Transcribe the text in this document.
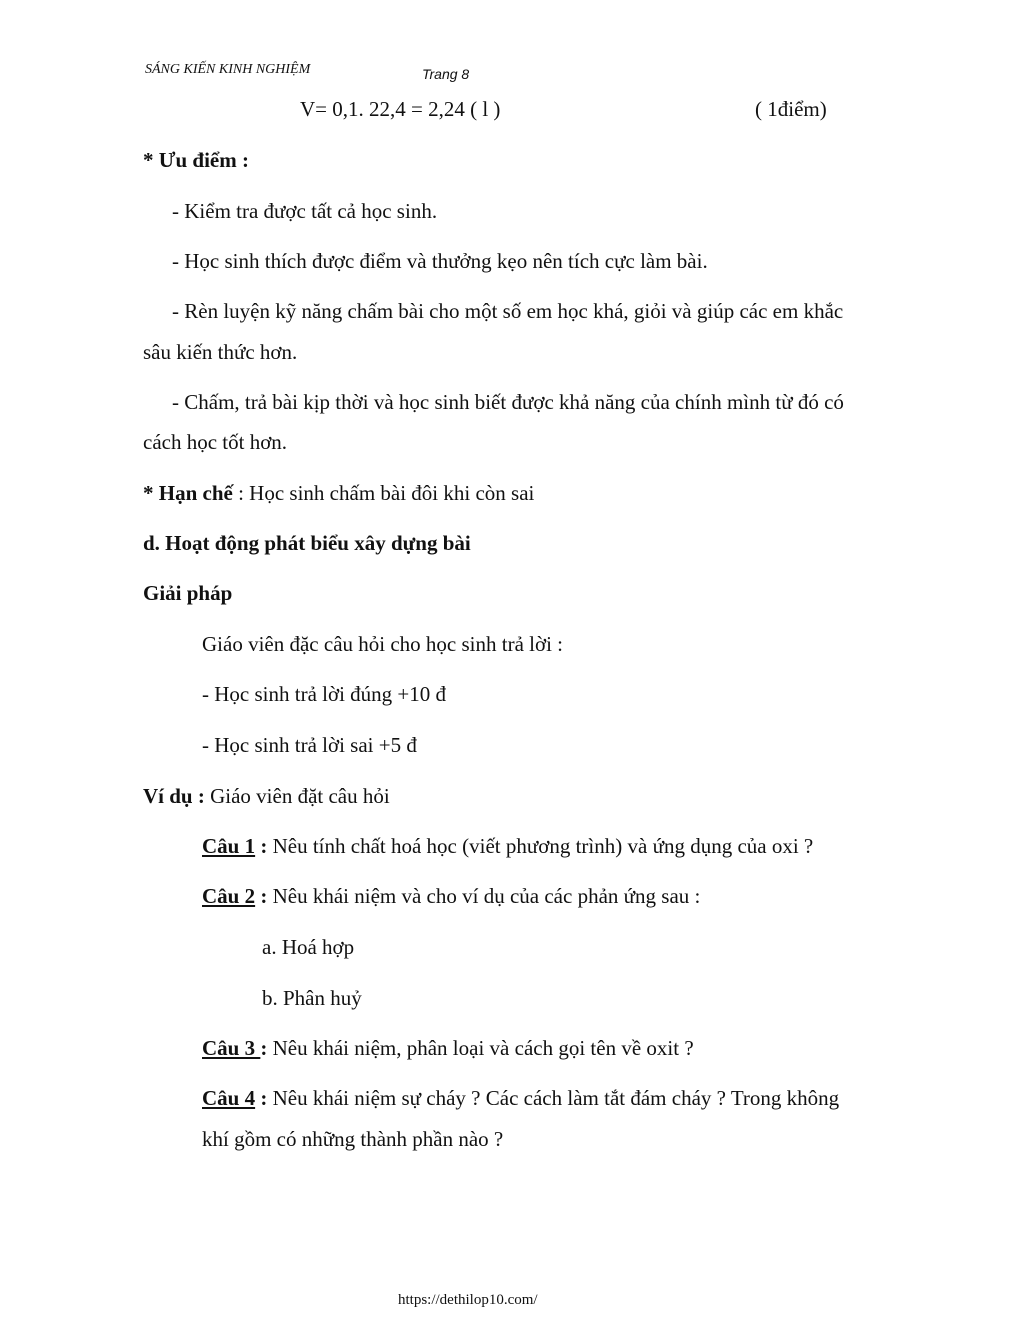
SÁNG KIẾN KINH NGHIỆM	Trang 8
V= 0,1. 22,4 = 2,24 ( l )	( 1điểm)
* Ưu điểm :
- Kiểm tra được tất cả học sinh.
- Học sinh thích được điểm và thưởng kẹo nên tích cực làm bài.
- Rèn luyện kỹ năng chấm bài cho một số em học khá, giỏi và giúp các em khắc
sâu kiến thức hơn.
- Chấm, trả bài kịp thời và học sinh biết được khả năng của chính mình từ đó có
cách học tốt hơn.
* Hạn chế : Học sinh chấm bài đôi khi còn sai
d. Hoạt động phát biểu xây dựng bài
Giải pháp
Giáo viên đặc câu hỏi cho học sinh trả lời :
- Học sinh trả lời đúng +10 đ
- Học sinh trả lời sai +5 đ
Ví dụ : Giáo viên đặt câu hỏi
Câu 1 : Nêu tính chất hoá học (viết phương trình) và ứng dụng của oxi ?
Câu 2 : Nêu khái niệm và cho ví dụ của các phản ứng sau :
a. Hoá hợp
b. Phân huỷ
Câu 3 : Nêu khái niệm, phân loại và cách gọi tên về oxit ?
Câu 4 : Nêu khái niệm sự cháy ? Các cách làm tắt đám cháy ? Trong không
khí gồm có những thành phần nào ?
https://dethilop10.com/
